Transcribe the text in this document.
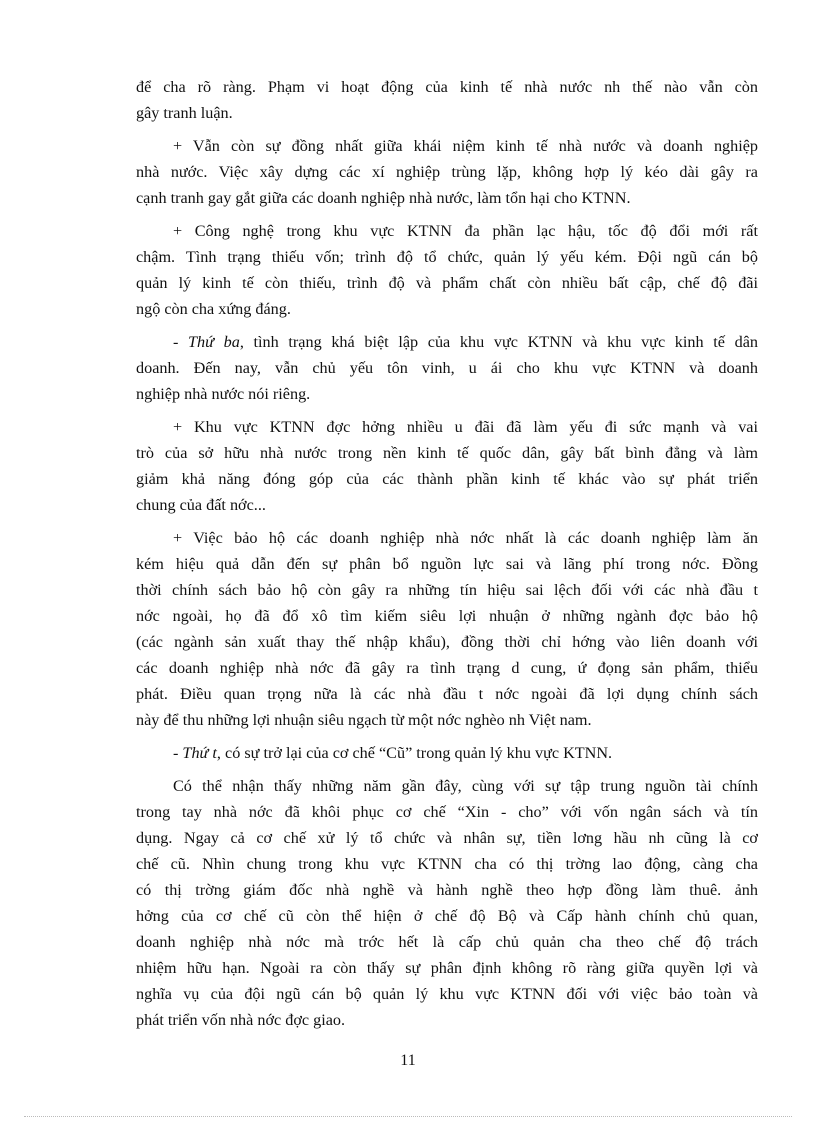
để cha rõ ràng. Phạm vi hoạt động của kinh tế nhà nước nh thế nào vẫn còn
gây tranh luận.
+ Vẫn còn sự đồng nhất giữa khái niệm kinh tế nhà nước và doanh nghiệp
nhà nước. Việc xây dựng các xí nghiệp trùng lặp, không hợp lý kéo dài gây ra
cạnh tranh gay gắt giữa các doanh nghiệp nhà nước, làm tổn hại cho KTNN.
+ Công nghệ trong khu vực KTNN đa phần lạc hậu, tốc độ đổi mới rất
chậm. Tình trạng thiếu vốn; trình độ tổ chức, quản lý yếu kém. Đội ngũ cán bộ
quản lý kinh tế còn thiếu, trình độ và phẩm chất còn nhiều bất cập, chế độ đãi
ngộ còn cha xứng đáng.
- Thứ ba, tình trạng khá biệt lập của khu vực KTNN và khu vực kinh tế dân
doanh. Đến nay, vẫn chủ yếu tôn vinh, u ái cho khu vực KTNN và doanh
nghiệp nhà nước nói riêng.
+ Khu vực KTNN đợc hởng nhiều u đãi đã làm yếu đi sức mạnh và vai
trò của sở hữu nhà nước trong nền kinh tế quốc dân, gây bất bình đẳng và làm
giảm khả năng đóng góp của các thành phần kinh tế khác vào sự phát triển
chung của đất nớc...
+ Việc bảo hộ các doanh nghiệp nhà nớc nhất là các doanh nghiệp làm ăn
kém hiệu quả dẫn đến sự phân bổ nguồn lực sai và lãng phí trong nớc. Đồng
thời chính sách bảo hộ còn gây ra những tín hiệu sai lệch đối với các nhà đầu t
nớc ngoài, họ đã đổ xô tìm kiếm siêu lợi nhuận ở những ngành đợc bảo hộ
(các ngành sản xuất thay thế nhập khẩu), đồng thời chỉ hớng vào liên doanh với
các doanh nghiệp nhà nớc đã gây ra tình trạng d cung, ứ đọng sản phẩm, thiểu
phát. Điều quan trọng nữa là các nhà đầu t nớc ngoài đã lợi dụng chính sách
này để thu những lợi nhuận siêu ngạch từ một nớc nghèo nh Việt nam.
- Thứ t, có sự trở lại của cơ chế “Cũ” trong quản lý khu vực KTNN.
Có thể nhận thấy những năm gần đây, cùng với sự tập trung nguồn tài chính
trong tay nhà nớc đã khôi phục cơ chế “Xin - cho” với vốn ngân sách và tín
dụng. Ngay cả cơ chế xử lý tổ chức và nhân sự, tiền lơng hầu nh cũng là cơ
chế cũ. Nhìn chung trong khu vực KTNN cha có thị trờng lao động, càng cha
có thị trờng giám đốc nhà nghề và hành nghề theo hợp đồng làm thuê. ảnh
hởng của cơ chế cũ còn thể hiện ở chế độ Bộ và Cấp hành chính chủ quan,
doanh nghiệp nhà nớc mà trớc hết là cấp chủ quản cha theo chế độ trách
nhiệm hữu hạn. Ngoài ra còn thấy sự phân định không rõ ràng giữa quyền lợi và
nghĩa vụ của đội ngũ cán bộ quản lý khu vực KTNN đối với việc bảo toàn và
phát triển vốn nhà nớc đợc giao.
11
